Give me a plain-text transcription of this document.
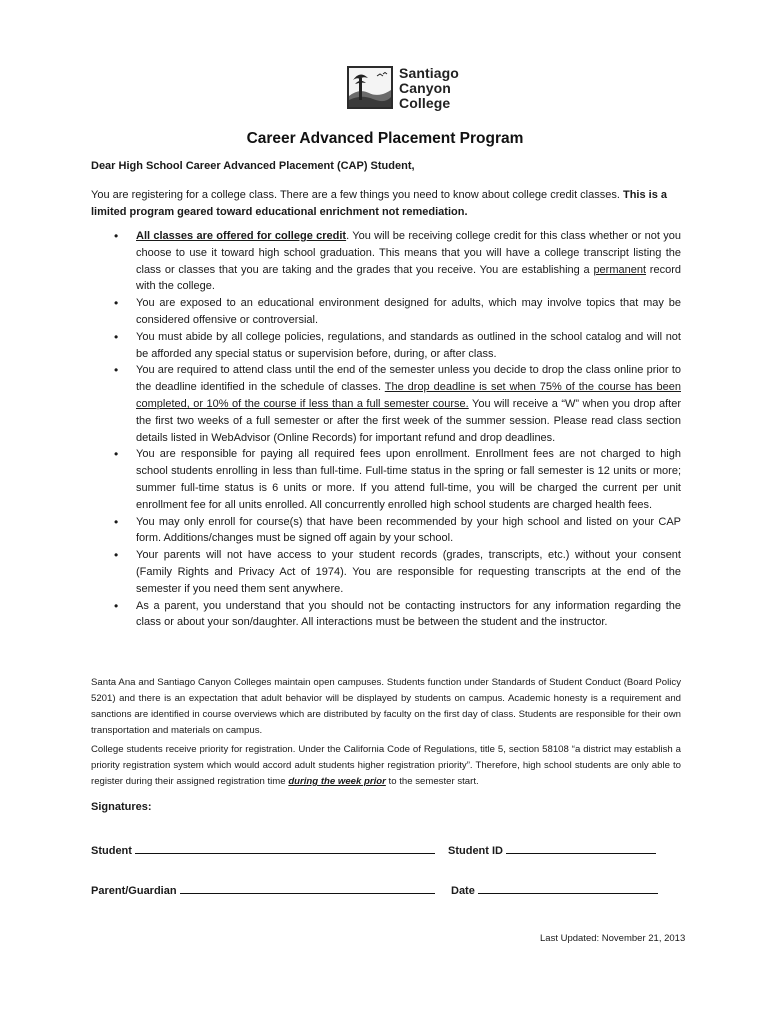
Santiago
Canyon
College
Career Advanced Placement Program
Dear High School Career Advanced Placement (CAP) Student,
You are registering for a college class. There are a few things you need to know about college credit classes. This is a limited program geared toward educational enrichment not remediation.
• All classes are offered for college credit. You will be receiving college credit for this class whether or not you choose to use it toward high school graduation. This means that you will have a college transcript listing the class or classes that you are taking and the grades that you receive. You are establishing a permanent record with the college.
• You are exposed to an educational environment designed for adults, which may involve topics that may be considered offensive or controversial.
• You must abide by all college policies, regulations, and standards as outlined in the school catalog and will not be afforded any special status or supervision before, during, or after class.
• You are required to attend class until the end of the semester unless you decide to drop the class online prior to the deadline identified in the schedule of classes. The drop deadline is set when 75% of the course has been completed, or 10% of the course if less than a full semester course. You will receive a “W” when you drop after the first two weeks of a full semester or after the first week of the summer session. Please read class section details listed in WebAdvisor (Online Records) for important refund and drop deadlines.
• You are responsible for paying all required fees upon enrollment. Enrollment fees are not charged to high school students enrolling in less than full-time. Full-time status in the spring or fall semester is 12 units or more; summer full-time status is 6 units or more. If you attend full-time, you will be charged the current per unit enrollment fee for all units enrolled. All concurrently enrolled high school students are charged health fees.
• You may only enroll for course(s) that have been recommended by your high school and listed on your CAP form. Additions/changes must be signed off again by your school.
• Your parents will not have access to your student records (grades, transcripts, etc.) without your consent (Family Rights and Privacy Act of 1974). You are responsible for requesting transcripts at the end of the semester if you need them sent anywhere.
• As a parent, you understand that you should not be contacting instructors for any information regarding the class or about your son/daughter. All interactions must be between the student and the instructor.
Santa Ana and Santiago Canyon Colleges maintain open campuses. Students function under Standards of Student Conduct (Board Policy 5201) and there is an expectation that adult behavior will be displayed by students on campus. Academic honesty is a requirement and sanctions are identified in course overviews which are distributed by faculty on the first day of class. Students are responsible for their own transportation and materials on campus.
College students receive priority for registration. Under the California Code of Regulations, title 5, section 58108 “a district may establish a priority registration system which would accord adult students higher registration priority”. Therefore, high school students are only able to register during their assigned registration time during the week prior to the semester start.
Signatures:
Student	Student ID
Parent/Guardian	Date
Last Updated: November 21, 2013
